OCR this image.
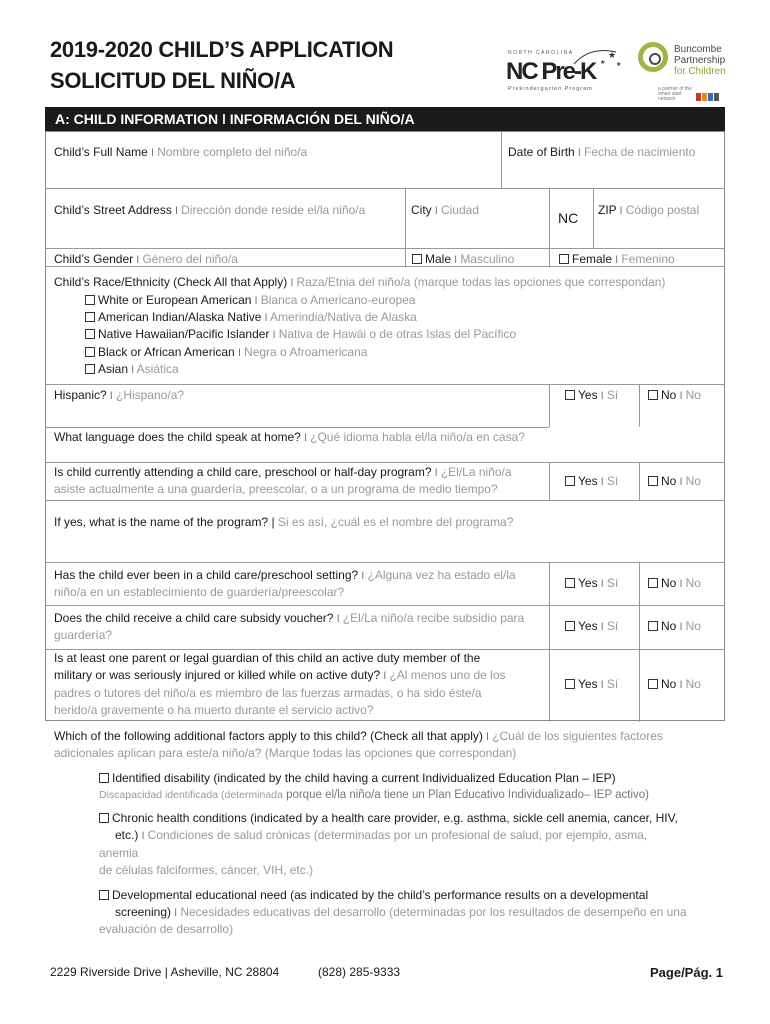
2019-2020 CHILD’S APPLICATION
SOLICITUD DEL NIÑO/A
NORTH CAROLINA	★
★
★
NC Pre-K
Prekindergarten Program
Buncombe
Partnership
for Children
a partner of the smart start network
A: CHILD INFORMATION ǀ INFORMACIÓN DEL NIÑO/A
Child’s Full Name ǀ Nombre completo del niño/a	Date of Birth ǀ Fecha de nacimiento
Child’s Street Address ǀ Dirección donde reside el/la niño/a	City ǀ Ciudad	NC ZIP ǀ Código postal
Child’s Gender ǀ Género del niño/a	Male ǀ Masculino	Female ǀ Femenino
Child’s Race/Ethnicity (Check All that Apply) ǀ Raza/Etnia del niño/a (marque todas las opciones que correspondan)
White or European American ǀ Blanca o Americano-europea
American Indian/Alaska Native ǀ Amerindia/Nativa de Alaska
Native Hawaiian/Pacific Islander ǀ Nativa de Hawái o de otras Islas del Pacífico
Black or African American ǀ Negra o Afroamericana
Asian ǀ Asiática
Hispanic? ǀ ¿Hispano/a?	Yes ǀ Sí	No ǀ No
What language does the child speak at home? ǀ ¿Qué idioma habla el/la niño/a en casa?
Is child currently attending a child care, preschool or half-day program? ǀ ¿El/La niño/a
asiste actualmente a una guardería, preescolar, o a un programa de medio tiempo?
Yes ǀ Sí	No ǀ No
If yes, what is the name of the program? | Si es así, ¿cuál es el nombre del programa?
Has the child ever been in a child care/preschool setting? ǀ ¿Alguna vez ha estado el/la
niño/a en un establecimiento de guardería/preescolar?
Yes ǀ Sí	No ǀ No
Does the child receive a child care subsidy voucher? ǀ ¿El/La niño/a recibe subsidio para
guardería?
Yes ǀ Sí	No ǀ No
Is at least one parent or legal guardian of this child an active duty member of the
military or was seriously injured or killed while on active duty? ǀ ¿Al menos uno de los
padres o tutores del niño/a es miembro de las fuerzas armadas, o ha sido éste/a
herido/a gravemente o ha muerto durante el servicio activo?
Yes ǀ Sí	No ǀ No
Which of the following additional factors apply to this child? (Check all that apply) ǀ ¿Cuál de los siguientes factores
adicionales aplican para este/a niño/a? (Marque todas las opciones que correspondan)
Identified disability (indicated by the child having a current Individualized Education Plan – IEP)
Discapacidad identificada (determinada porque el/la niño/a tiene un Plan Educativo Individualizado– IEP activo)
Chronic health conditions (indicated by a health care provider, e.g. asthma, sickle cell anemia, cancer, HIV,
etc.) ǀ Condiciones de salud crónicas (determinadas por un profesional de salud, por ejemplo, asma,
anemia
de células falciformes, cáncer, VIH, etc.)
Developmental educational need (as indicated by the child’s performance results on a developmental
screening) ǀ Necesidades educativas del desarrollo (determinadas por los resultados de desempeño en una
evaluación de desarrollo)
2229 Riverside Drive | Asheville, NC 28804	(828) 285-9333	Page/Pág. 1
